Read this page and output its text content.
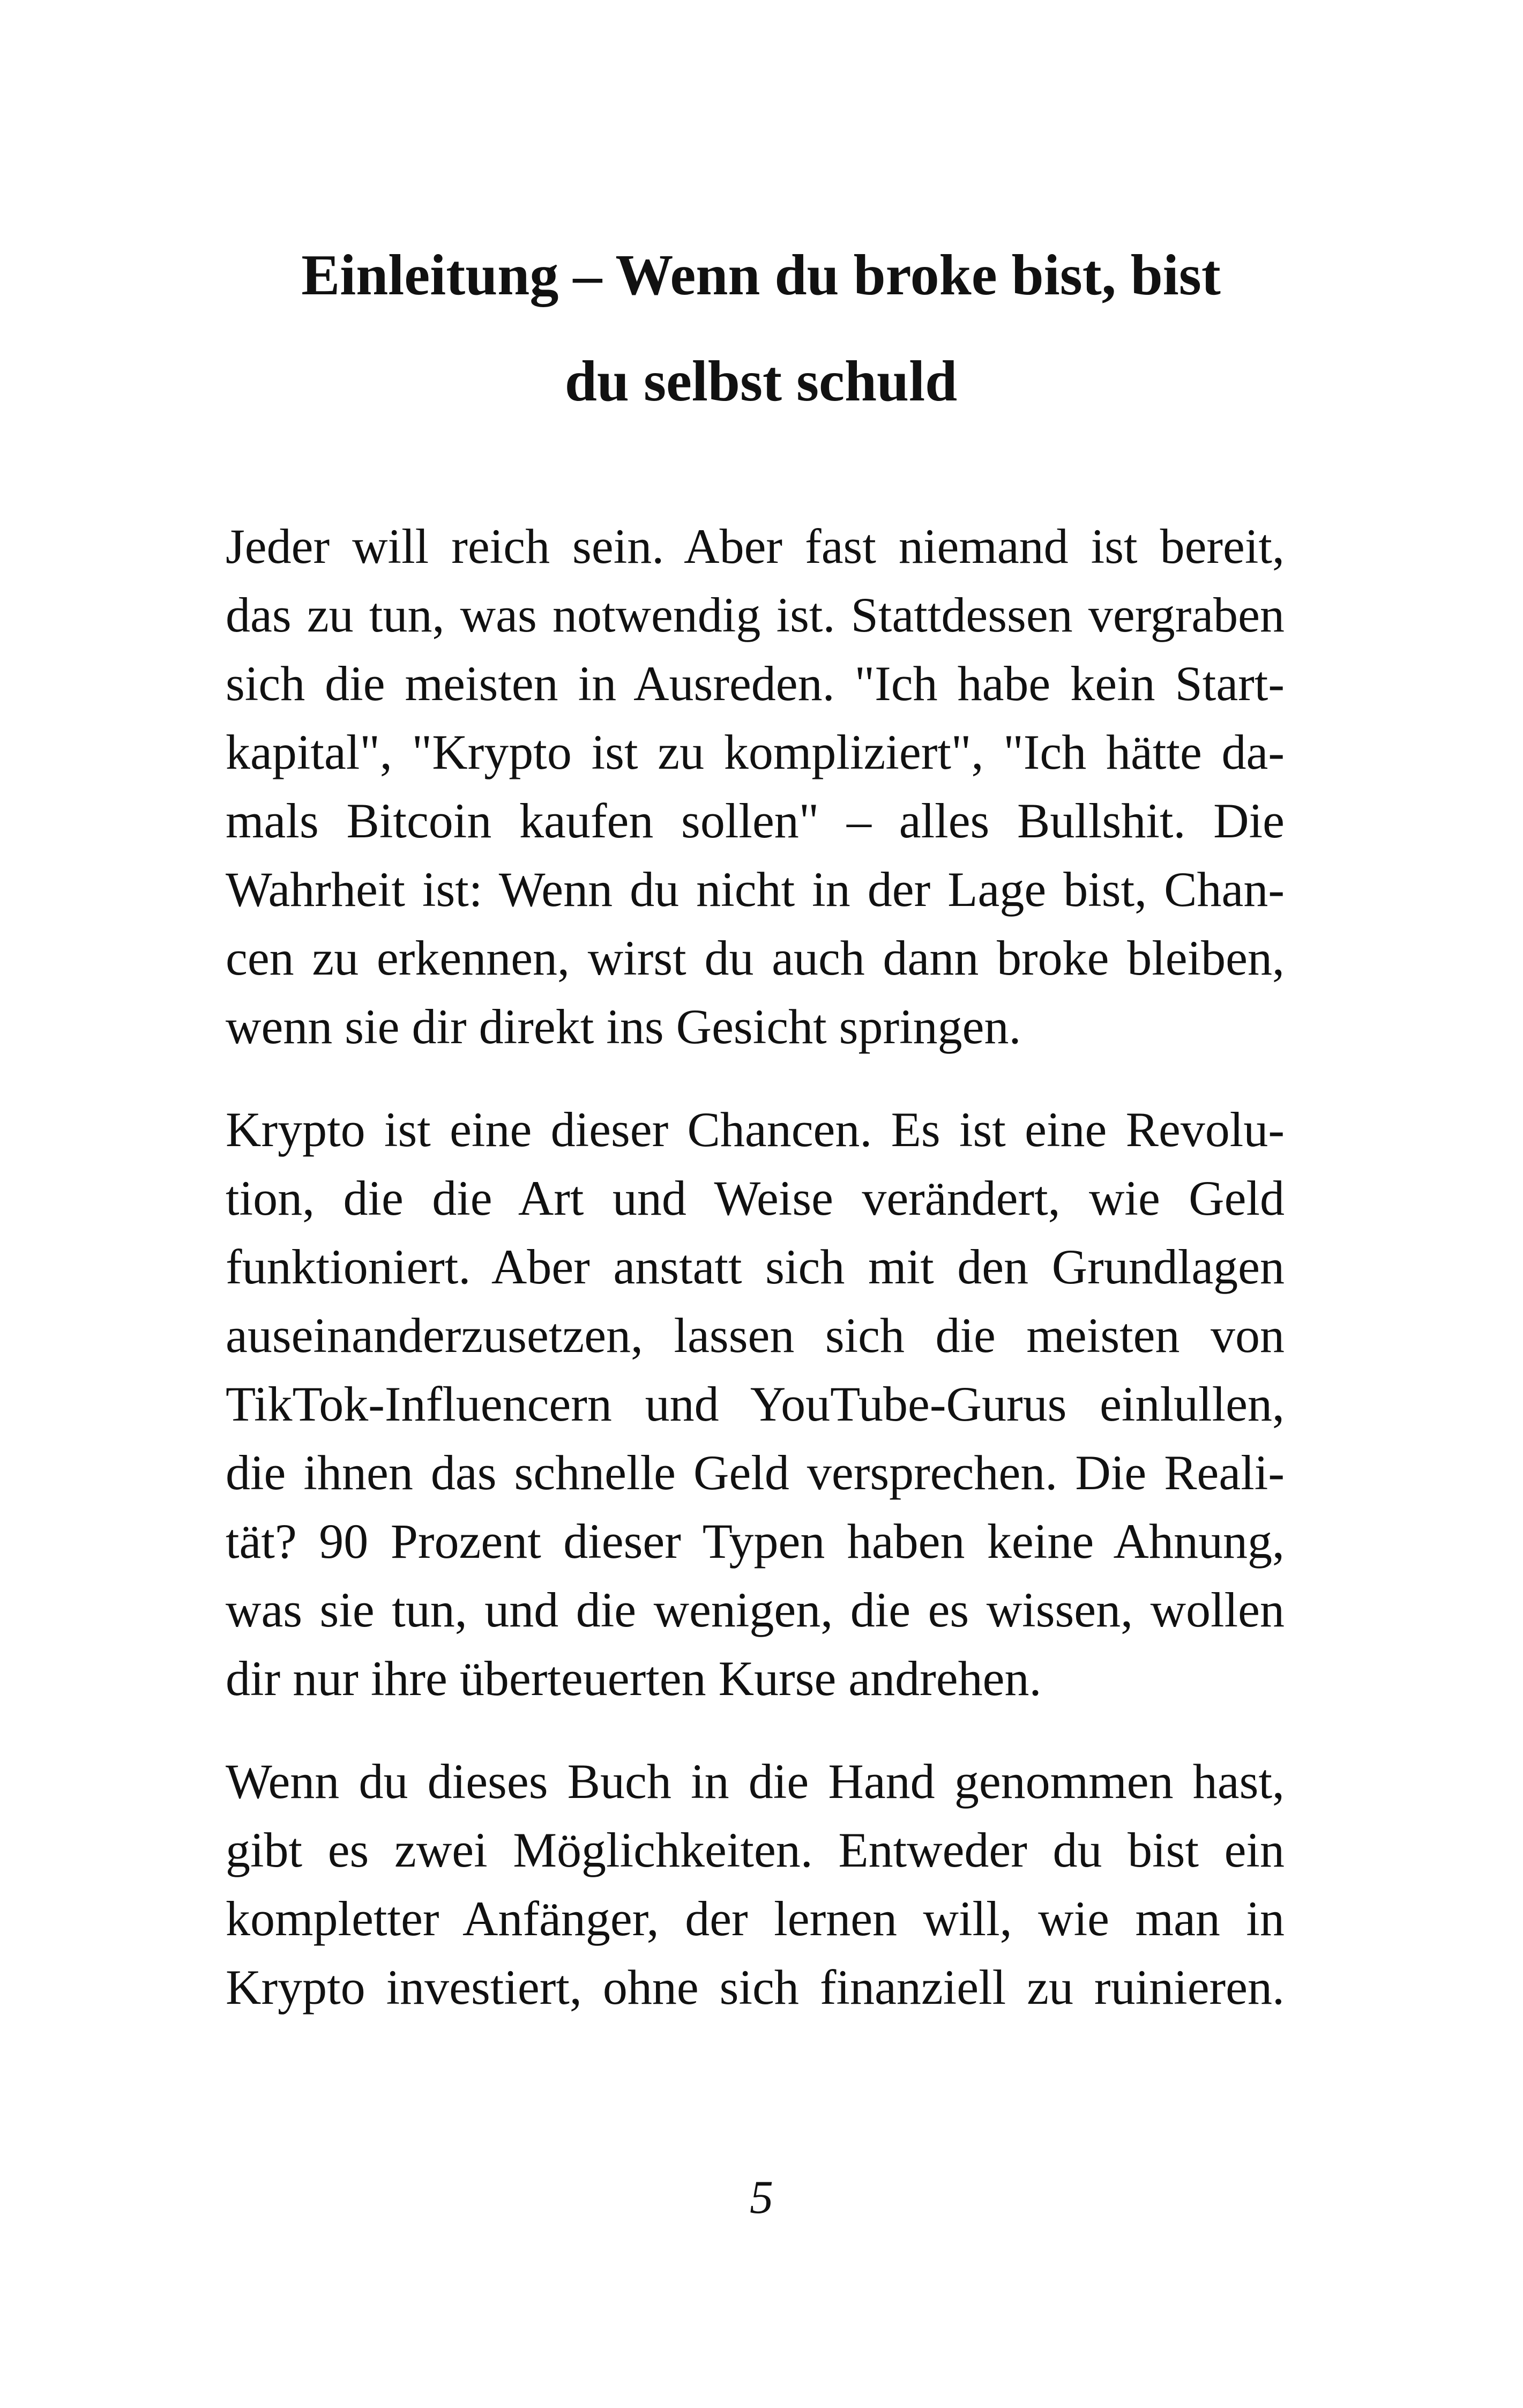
Einleitung – Wenn du broke bist, bist
du selbst schuld

Jeder will reich sein. Aber fast niemand ist bereit,
das zu tun, was notwendig ist. Stattdessen vergraben
sich die meisten in Ausreden. "Ich habe kein Start-
kapital", "Krypto ist zu kompliziert", "Ich hätte da-
mals Bitcoin kaufen sollen" – alles Bullshit. Die
Wahrheit ist: Wenn du nicht in der Lage bist, Chan-
cen zu erkennen, wirst du auch dann broke bleiben,
wenn sie dir direkt ins Gesicht springen.

Krypto ist eine dieser Chancen. Es ist eine Revolu-
tion, die die Art und Weise verändert, wie Geld
funktioniert. Aber anstatt sich mit den Grundlagen
auseinanderzusetzen, lassen sich die meisten von
TikTok-Influencern und YouTube-Gurus einlullen,
die ihnen das schnelle Geld versprechen. Die Reali-
tät? 90 Prozent dieser Typen haben keine Ahnung,
was sie tun, und die wenigen, die es wissen, wollen
dir nur ihre überteuerten Kurse andrehen.

Wenn du dieses Buch in die Hand genommen hast,
gibt es zwei Möglichkeiten. Entweder du bist ein
kompletter Anfänger, der lernen will, wie man in
Krypto investiert, ohne sich finanziell zu ruinieren.

5
